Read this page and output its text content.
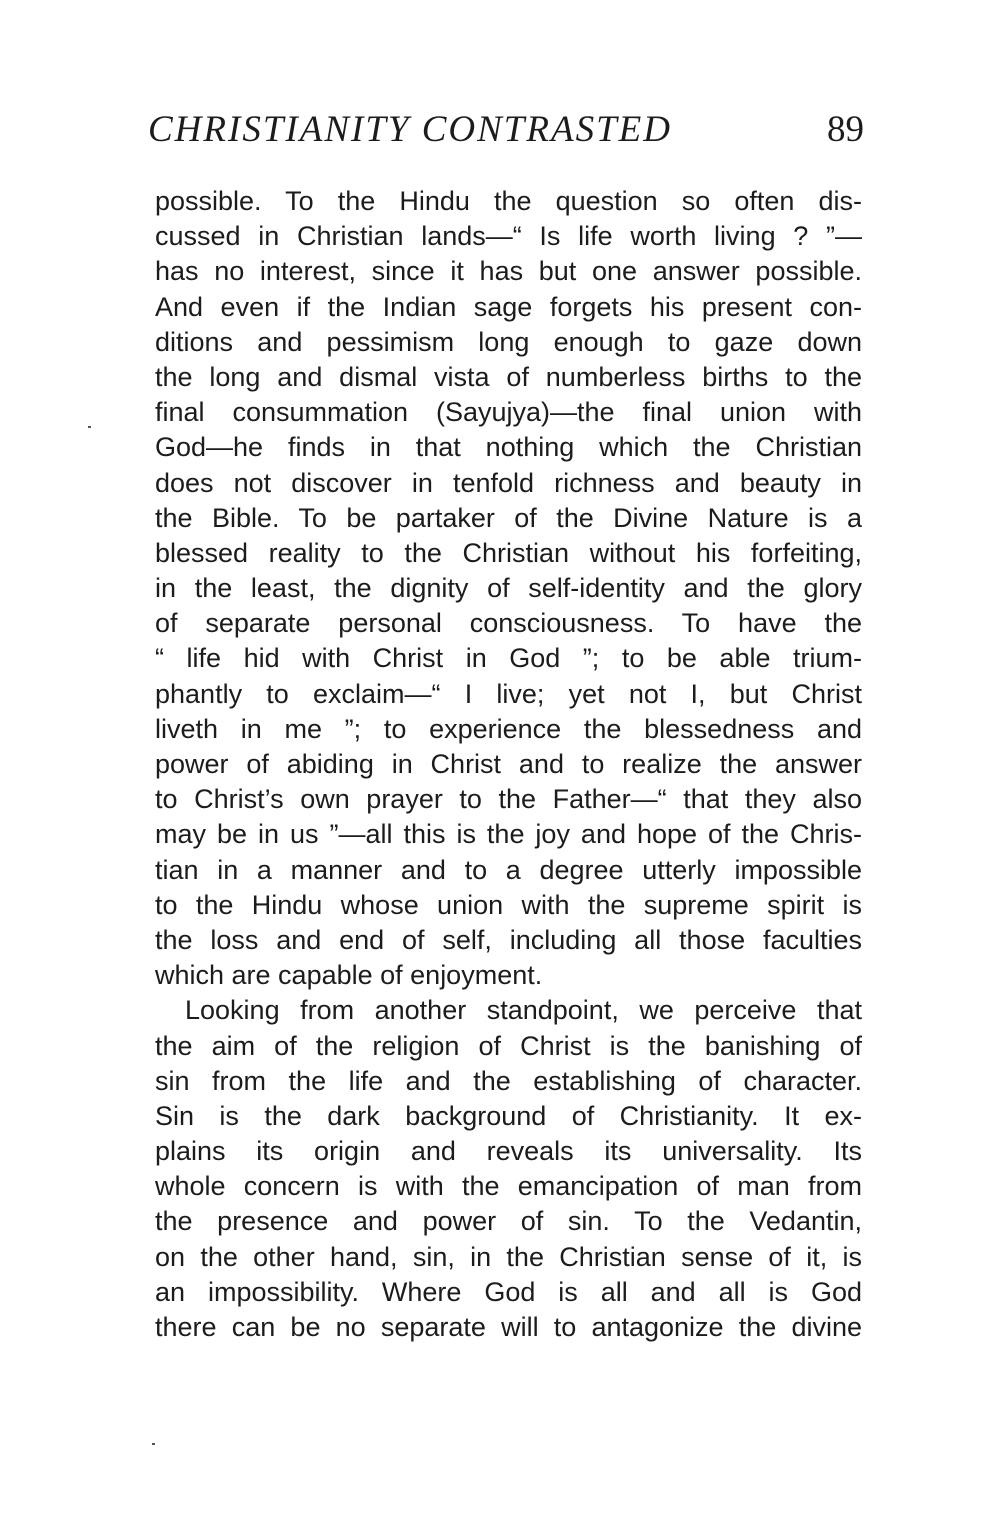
CHRISTIANITY CONTRASTED	89
possible. To the Hindu the question so often dis-
cussed in Christian lands—“ Is life worth living ? ”—
has no interest, since it has but one answer possible.
And even if the Indian sage forgets his present con-
ditions and pessimism long enough to gaze down
the long and dismal vista of numberless births to the
final consummation (Sayujya)—the final union with
God—he finds in that nothing which the Christian
does not discover in tenfold richness and beauty in
the Bible. To be partaker of the Divine Nature is a
blessed reality to the Christian without his forfeiting,
in the least, the dignity of self-identity and the glory
of separate personal consciousness. To have the
“ life hid with Christ in God ”; to be able trium-
phantly to exclaim—“ I live; yet not I, but Christ
liveth in me ”; to experience the blessedness and
power of abiding in Christ and to realize the answer
to Christ’s own prayer to the Father—“ that they also
may be in us ”—all this is the joy and hope of the Chris-
tian in a manner and to a degree utterly impossible
to the Hindu whose union with the supreme spirit is
the loss and end of self, including all those faculties
which are capable of enjoyment.
Looking from another standpoint, we perceive that
the aim of the religion of Christ is the banishing of
sin from the life and the establishing of character.
Sin is the dark background of Christianity. It ex-
plains its origin and reveals its universality. Its
whole concern is with the emancipation of man from
the presence and power of sin. To the Vedantin,
on the other hand, sin, in the Christian sense of it, is
an impossibility. Where God is all and all is God
there can be no separate will to antagonize the divine
